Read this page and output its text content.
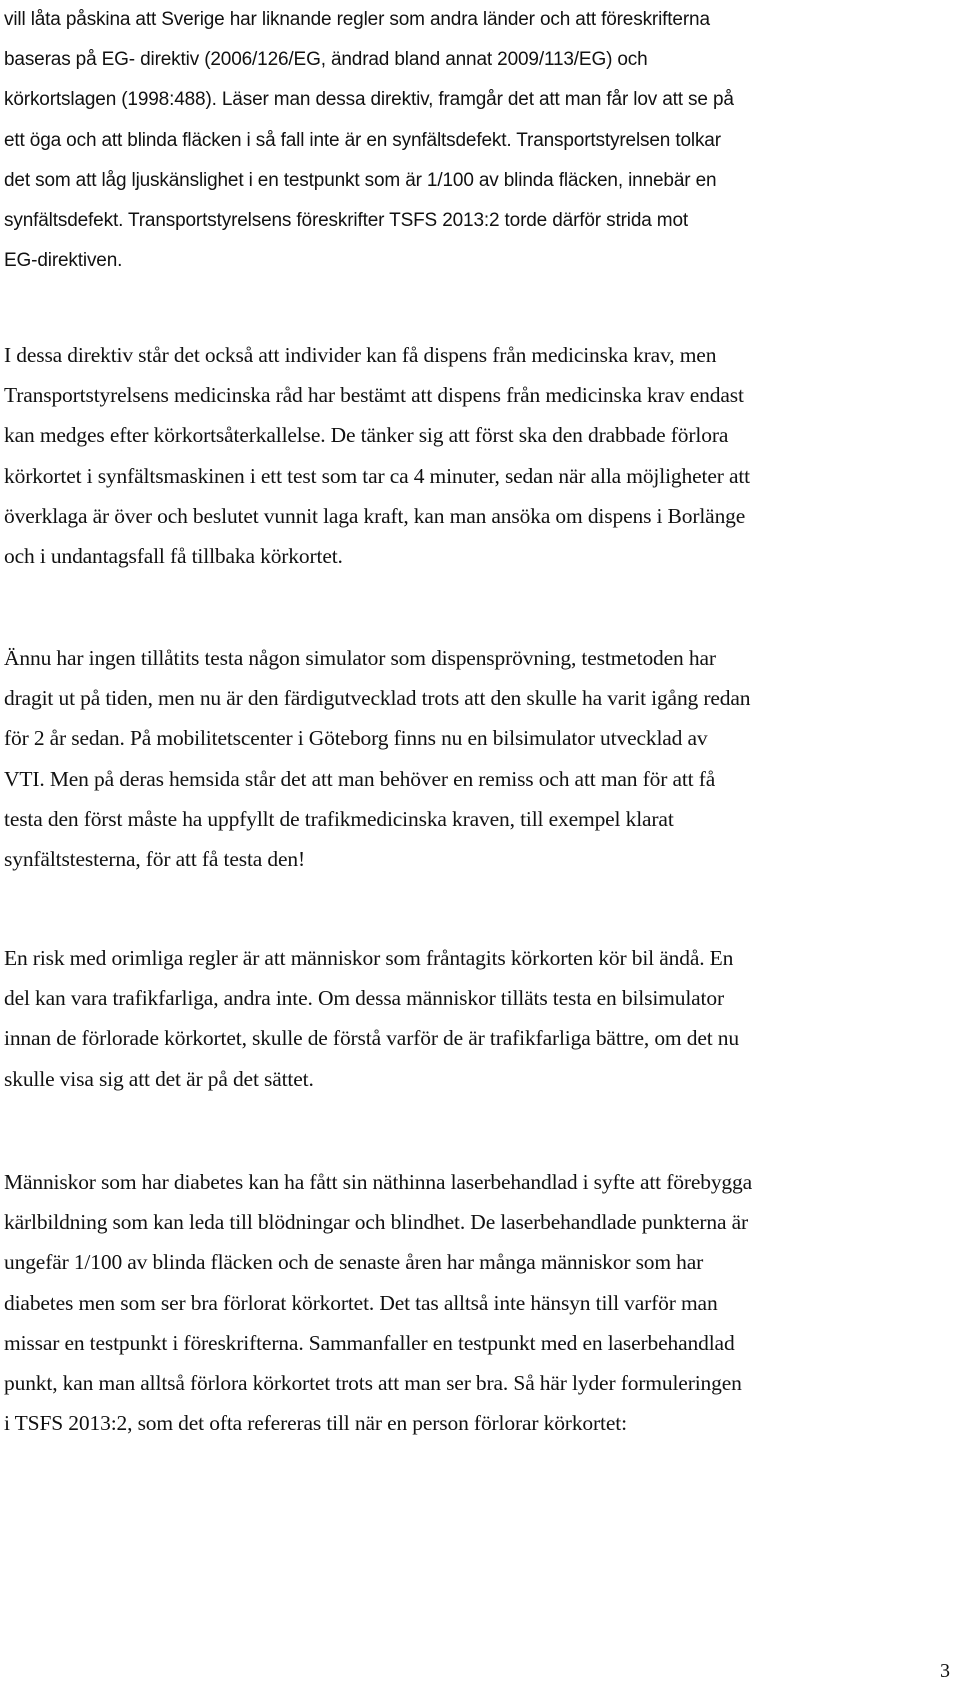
vill låta påskina att Sverige har liknande regler som andra länder och att föreskrifterna
baseras på EG- direktiv (2006/126/EG, ändrad bland annat 2009/113/EG) och
körkortslagen (1998:488). Läser man dessa direktiv, framgår det att man får lov att se på
ett öga och att blinda fläcken i så fall inte är en synfältsdefekt. Transportstyrelsen tolkar
det som att låg ljuskänslighet i en testpunkt som är 1/100 av blinda fläcken, innebär en
synfältsdefekt. Transportstyrelsens föreskrifter TSFS 2013:2 torde därför strida mot
EG-direktiven.

I dessa direktiv står det också att individer kan få dispens från medicinska krav, men
Transportstyrelsens medicinska råd har bestämt att dispens från medicinska krav endast
kan medges efter körkortsåterkallelse. De tänker sig att först ska den drabbade förlora
körkortet i synfältsmaskinen i ett test som tar ca 4 minuter, sedan när alla möjligheter att
överklaga är över och beslutet vunnit laga kraft, kan man ansöka om dispens i Borlänge
och i undantagsfall få tillbaka körkortet.

Ännu har ingen tillåtits testa någon simulator som dispensprövning, testmetoden har
dragit ut på tiden, men nu är den färdigutvecklad trots att den skulle ha varit igång redan
för 2 år sedan. På mobilitetscenter i Göteborg finns nu en bilsimulator utvecklad av
VTI. Men på deras hemsida står det att man behöver en remiss och att man för att få
testa den först måste ha uppfyllt de trafikmedicinska kraven, till exempel klarat
synfältstesterna, för att få testa den!

En risk med orimliga regler är att människor som fråntagits körkorten kör bil ändå. En
del kan vara trafikfarliga, andra inte. Om dessa människor tilläts testa en bilsimulator
innan de förlorade körkortet, skulle de förstå varför de är trafikfarliga bättre, om det nu
skulle visa sig att det är på det sättet.

Människor som har diabetes kan ha fått sin näthinna laserbehandlad i syfte att förebygga
kärlbildning som kan leda till blödningar och blindhet. De laserbehandlade punkterna är
ungefär 1/100 av blinda fläcken och de senaste åren har många människor som har
diabetes men som ser bra förlorat körkortet. Det tas alltså inte hänsyn till varför man
missar en testpunkt i föreskrifterna. Sammanfaller en testpunkt med en laserbehandlad
punkt, kan man alltså förlora körkortet trots att man ser bra. Så här lyder formuleringen
i TSFS 2013:2, som det ofta refereras till när en person förlorar körkortet:

3
